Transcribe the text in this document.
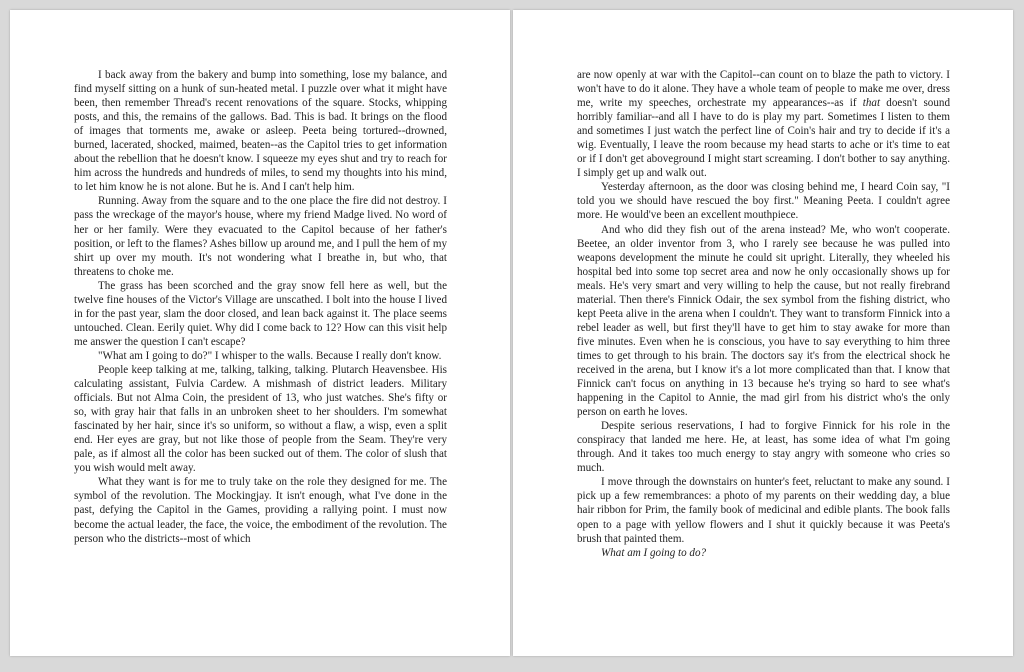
I back away from the bakery and bump into something, lose my balance, and find myself sitting on a hunk of sun-heated metal. I puzzle over what it might have been, then remember Thread's recent renovations of the square. Stocks, whipping posts, and this, the remains of the gallows. Bad. This is bad. It brings on the flood of images that torments me, awake or asleep. Peeta being tortured--drowned, burned, lacerated, shocked, maimed, beaten--as the Capitol tries to get information about the rebellion that he doesn't know. I squeeze my eyes shut and try to reach for him across the hundreds and hundreds of miles, to send my thoughts into his mind, to let him know he is not alone. But he is. And I can't help him.

Running. Away from the square and to the one place the fire did not destroy. I pass the wreckage of the mayor's house, where my friend Madge lived. No word of her or her family. Were they evacuated to the Capitol because of her father's position, or left to the flames? Ashes billow up around me, and I pull the hem of my shirt up over my mouth. It's not wondering what I breathe in, but who, that threatens to choke me.

The grass has been scorched and the gray snow fell here as well, but the twelve fine houses of the Victor's Village are unscathed. I bolt into the house I lived in for the past year, slam the door closed, and lean back against it. The place seems untouched. Clean. Eerily quiet. Why did I come back to 12? How can this visit help me answer the question I can't escape?

"What am I going to do?" I whisper to the walls. Because I really don't know.

People keep talking at me, talking, talking, talking. Plutarch Heavensbee. His calculating assistant, Fulvia Cardew. A mishmash of district leaders. Military officials. But not Alma Coin, the president of 13, who just watches. She's fifty or so, with gray hair that falls in an unbroken sheet to her shoulders. I'm somewhat fascinated by her hair, since it's so uniform, so without a flaw, a wisp, even a split end. Her eyes are gray, but not like those of people from the Seam. They're very pale, as if almost all the color has been sucked out of them. The color of slush that you wish would melt away.

What they want is for me to truly take on the role they designed for me. The symbol of the revolution. The Mockingjay. It isn't enough, what I've done in the past, defying the Capitol in the Games, providing a rallying point. I must now become the actual leader, the face, the voice, the embodiment of the revolution. The person who the districts--most of which

are now openly at war with the Capitol--can count on to blaze the path to victory. I won't have to do it alone. They have a whole team of people to make me over, dress me, write my speeches, orchestrate my appearances--as if that doesn't sound horribly familiar--and all I have to do is play my part. Sometimes I listen to them and sometimes I just watch the perfect line of Coin's hair and try to decide if it's a wig. Eventually, I leave the room because my head starts to ache or it's time to eat or if I don't get aboveground I might start screaming. I don't bother to say anything. I simply get up and walk out.

Yesterday afternoon, as the door was closing behind me, I heard Coin say, "I told you we should have rescued the boy first." Meaning Peeta. I couldn't agree more. He would've been an excellent mouthpiece.

And who did they fish out of the arena instead? Me, who won't cooperate. Beetee, an older inventor from 3, who I rarely see because he was pulled into weapons development the minute he could sit upright. Literally, they wheeled his hospital bed into some top secret area and now he only occasionally shows up for meals. He's very smart and very willing to help the cause, but not really firebrand material. Then there's Finnick Odair, the sex symbol from the fishing district, who kept Peeta alive in the arena when I couldn't. They want to transform Finnick into a rebel leader as well, but first they'll have to get him to stay awake for more than five minutes. Even when he is conscious, you have to say everything to him three times to get through to his brain. The doctors say it's from the electrical shock he received in the arena, but I know it's a lot more complicated than that. I know that Finnick can't focus on anything in 13 because he's trying so hard to see what's happening in the Capitol to Annie, the mad girl from his district who's the only person on earth he loves.

Despite serious reservations, I had to forgive Finnick for his role in the conspiracy that landed me here. He, at least, has some idea of what I'm going through. And it takes too much energy to stay angry with someone who cries so much.

I move through the downstairs on hunter's feet, reluctant to make any sound. I pick up a few remembrances: a photo of my parents on their wedding day, a blue hair ribbon for Prim, the family book of medicinal and edible plants. The book falls open to a page with yellow flowers and I shut it quickly because it was Peeta's brush that painted them.

What am I going to do?
